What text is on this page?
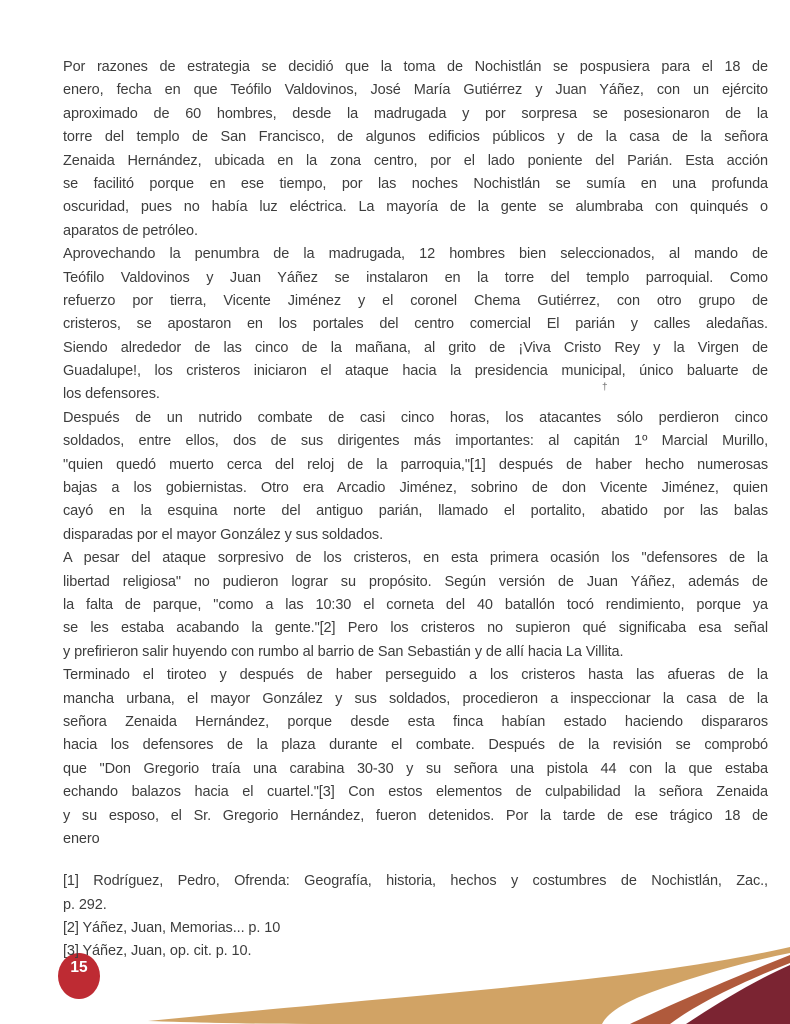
Por razones de estrategia se decidió que la toma de Nochistlán se pospusiera para el 18 de
enero, fecha en que Teófilo Valdovinos, José María Gutiérrez y Juan Yáñez, con un ejército
aproximado de 60 hombres, desde la madrugada y por sorpresa se posesionaron de la
torre del templo de San Francisco, de algunos edificios públicos y de la casa de la señora
Zenaida Hernández, ubicada en la zona centro, por el lado poniente del Parián. Esta acción
se facilitó porque en ese tiempo, por las noches Nochistlán se sumía en una profunda
oscuridad, pues no había luz eléctrica. La mayoría de la gente se alumbraba con quinqués o
aparatos de petróleo.
Aprovechando la penumbra de la madrugada, 12 hombres bien seleccionados, al mando de
Teófilo Valdovinos y Juan Yáñez se instalaron en la torre del templo parroquial. Como
refuerzo por tierra, Vicente Jiménez y el coronel Chema Gutiérrez, con otro grupo de
cristeros, se apostaron en los portales del centro comercial El parián y calles aledañas.
Siendo alrededor de las cinco de la mañana, al grito de ¡Viva Cristo Rey y la Virgen de
Guadalupe!, los cristeros iniciaron el ataque hacia la presidencia municipal, único baluarte de
los defensores.
Después de un nutrido combate de casi cinco horas, los atacantes sólo perdieron cinco
soldados, entre ellos, dos de sus dirigentes más importantes: al capitán 1º Marcial Murillo,
"quien quedó muerto cerca del reloj de la parroquia,"[1] después de haber hecho numerosas
bajas a los gobiernistas. Otro era Arcadio Jiménez, sobrino de don Vicente Jiménez, quien
cayó en la esquina norte del antiguo parián, llamado el portalito, abatido por las balas
disparadas por el mayor González y sus soldados.
A pesar del ataque sorpresivo de los cristeros, en esta primera ocasión los "defensores de la
libertad religiosa" no pudieron lograr su propósito. Según versión de Juan Yáñez, además de
la falta de parque, "como a las 10:30 el corneta del 40 batallón tocó rendimiento, porque ya
se les estaba acabando la gente."[2] Pero los cristeros no supieron qué significaba esa señal
y prefirieron salir huyendo con rumbo al barrio de San Sebastián y de allí hacia La Villita.
Terminado el tiroteo y después de haber perseguido a los cristeros hasta las afueras de la
mancha urbana, el mayor González y sus soldados, procedieron a inspeccionar la casa de la
señora Zenaida Hernández, porque desde esta finca habían estado haciendo dispararos
hacia los defensores de la plaza durante el combate. Después de la revisión se comprobó
que "Don Gregorio traía una carabina 30-30 y su señora una pistola 44 con la que estaba
echando balazos hacia el cuartel."[3] Con estos elementos de culpabilidad la señora Zenaida
y su esposo, el Sr. Gregorio Hernández, fueron detenidos. Por la tarde de ese trágico 18 de
enero
[1] Rodríguez, Pedro, Ofrenda: Geografía, historia, hechos y costumbres de Nochistlán, Zac.,
p. 292.
[2] Yáñez, Juan, Memorias... p. 10
[3] Yáñez, Juan, op. cit. p. 10.
†
15
